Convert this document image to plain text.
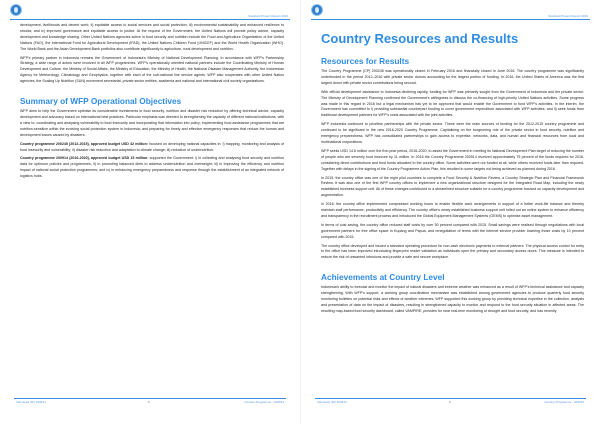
Standard Project Report 2016

development, livelihoods and decent work; ii) equitable access to social services and social protection; iii) environmental sustainability and enhanced resilience to shocks; and iv) improved governance and equitable access to justice. At the request of the Government, the United Nations will provide policy advice, capacity development and knowledge sharing. Other United Nations agencies active in food security and nutrition include the Food and Agriculture Organization of the United Nations (FAO), the International Fund for Agricultural Development (IFAD), the United Nations Children Fund (UNICEF) and the World Health Organization (WHO). The World Bank and the Asian Development Bank portfolios also contribute significantly to agriculture, rural development and nutrition.

WFP's primary partner in Indonesia remains the Government of Indonesia's Ministry of National Development Planning. In accordance with WFP's Partnership Strategy, a wide range of actors were involved in all WFP programmes. WFP's operationally oriented national partners include the Coordinating Ministry of Human Development and Culture, the Ministry of Social Affairs, the Ministry of Education, the Ministry of Health, the National Disaster Management Authority, the Indonesian Agency for Meteorology, Climatology and Geophysics, together with each of the sub-national line service agents. WFP also cooperates with other United Nation agencies, the Scaling Up Nutrition (SUN) movement secretariat, private sector entities, academia and national and international civil society organizations.

Summary of WFP Operational Objectives

WFP aims to help the Government optimise its considerable investments in food security, nutrition and disaster risk reduction by offering technical advice, capacity development and advocacy based on international best practices. Particular emphasis was directed to strengthening the capacity of different national institutions, with a view to: coordinating and analysing vulnerability to food insecurity and incorporating that information into policy; implementing food assistance programmes that are nutrition-sensitive within the evolving social protection system in Indonesia; and preparing for timely and effective emergency responses that reduce the human and development losses caused by disasters.

Country programme 200245 (2012-2015), approved budget USD 42 million: focused on developing national capacities in: i) mapping, monitoring and analysis of food insecurity and vulnerability; ii) disaster risk reduction and adaptation to climate change; iii) reduction of undernutrition.

Country programme 200914 (2016-2020), approved budget USD 15 million: supported the Government: i) in collecting and analysing food security and nutrition data for optimum policies and programmes; ii) in promoting balanced diets to address undernutrition and overweight; iii) in improving the efficiency and nutrition impact of national social protection programmes; and iv) in enhancing emergency preparedness and response through the establishment of an integrated network of logistics hubs.

Indonesia (ID) 200914	5	Country Programme - 200914
Standard Project Report 2016
Country Resources and Results
Resources for Results

The Country Programme (CP) 200245 was operationally closed in February 2016 and financially closed in June 2016. The country programme was significantly underfunded in the period 2012–2016 with private sector donors accounting for the largest portion of funding. In 2016, the United States of America was the first largest donor with private sector contributions being second.

With official development assistance to Indonesia declining rapidly, funding for WFP was primarily sought from the Government of Indonesia and the private sector. The Ministry of Development Planning confirmed the Government's willingness to discuss the co-financing of high-priority United Nations activities. Some progress was made in this regard in 2016 but a legal mechanism has yet to be approved that would enable the Government to fund WFP's activities. In the interim, the Government has committed to i) providing substantial counterpart funding to cover government expenditure associated with WFP activities; and ii) seek funds from traditional development partners for WFP's costs associated with the joint activities.

WFP Indonesia continued to prioritise partnerships with the private sector. These were the main sources of funding for the 2012-2015 country programme and continued to be significant in the new 2016-2020 Country Programme. Capitalising on the burgeoning role of the private sector in food security, nutrition and emergency preparedness, WFP has consolidated partnerships to gain access to expertise, networks, data, and human and financial resources from local and multinational corporations.

WFP seeks USD 14.6 million over the five-year period, 2016-2020, to assist the Government in meeting its National Development Plan target of reducing the number of people who are severely food insecure by 11 million. In 2016 the Country Programme 200914 received approximately 75 percent of the funds required for 2016, considering direct contributions and trust funds allocated to the country office. Some activities were not funded at all, while others received funds later than required. Together with delays in the signing of the Country Programme Action Plan, this resulted in some targets not being achieved as planned during 2016.

In 2015, the country office was one of the eight pilot countries to complete a Food Security & Nutrition Review, a Country Strategic Plan and Financial Framework Review. It was also one of the first WFP country offices to implement a new organizational structure designed for the Integrated Road Map, including the newly established business support unit. All of these changes contributed to a streamlined structure suitable for a country programme focused on capacity development and augmentation.

In 2016, the country office implemented compressed working hours to enable flexible work arrangements in support of a better work-life balance and thereby maintain staff performance, productivity and efficiency. The country office's newly established business support unit rolled out an online system to enhance efficiency and transparency in the recruitment process and introduced the Global Equipment Management Systems (GEMS) to optimise asset management.

In terms of cost saving, the country office reduced staff costs by over 50 percent compared with 2015. Small savings were realised through negotiations with local government partners for free office space in Kupang and Papua, and renegotiation of terms with the internet service provider lowering those costs by 10 percent compared with 2015.

The country office developed and issued a standard operating procedure for non-cash electronic payments to external partners. The physical access control for entry to the office has been improved introducing fingerprint reader validation as individuals open the primary and secondary access doors. This measure is intended to reduce the risk of unwanted intrusions and provide a safe and secure workplace.

Achievements at Country Level

Indonesia's ability to forecast and monitor the impact of natural disasters and extreme weather was enhanced as a result of WFP's technical assistance and capacity strengthening. With WFP's support, a working group coordination mechanism was established among government agencies to produce quarterly food security monitoring bulletins on potential risks and effects of weather extremes. WFP supported this working group by providing technical expertise in the collection, analysis and presentation of data on the impact of disasters, resulting in strengthened capacity to monitor and respond to the food security situation in affected areas. The resulting map-based food security dashboard, called VAMPIRE, provides for near real-time monitoring of drought and food security, and has recently

Indonesia (ID) 200914	6	Country Programme - 200914
